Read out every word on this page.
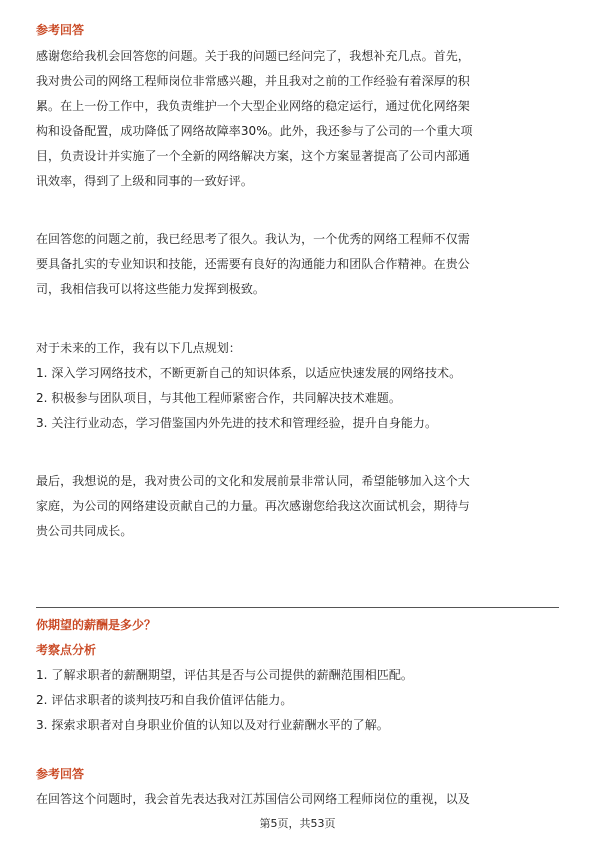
参考回答
感谢您给我机会回答您的问题。关于我的问题已经问完了，我想补充几点。首先，
我对贵公司的网络工程师岗位非常感兴趣，并且我对之前的工作经验有着深厚的积
累。在上一份工作中，我负责维护一个大型企业网络的稳定运行，通过优化网络架
构和设备配置，成功降低了网络故障率30%。此外，我还参与了公司的一个重大项
目，负责设计并实施了一个全新的网络解决方案，这个方案显著提高了公司内部通
讯效率，得到了上级和同事的一致好评。
在回答您的问题之前，我已经思考了很久。我认为，一个优秀的网络工程师不仅需
要具备扎实的专业知识和技能，还需要有良好的沟通能力和团队合作精神。在贵公
司，我相信我可以将这些能力发挥到极致。
对于未来的工作，我有以下几点规划：
1. 深入学习网络技术，不断更新自己的知识体系，以适应快速发展的网络技术。
2. 积极参与团队项目，与其他工程师紧密合作，共同解决技术难题。
3. 关注行业动态，学习借鉴国内外先进的技术和管理经验，提升自身能力。
最后，我想说的是，我对贵公司的文化和发展前景非常认同，希望能够加入这个大
家庭，为公司的网络建设贡献自己的力量。再次感谢您给我这次面试机会，期待与
贵公司共同成长。
你期望的薪酬是多少？
考察点分析
1. 了解求职者的薪酬期望，评估其是否与公司提供的薪酬范围相匹配。
2. 评估求职者的谈判技巧和自我价值评估能力。
3. 探索求职者对自身职业价值的认知以及对行业薪酬水平的了解。
参考回答
在回答这个问题时，我会首先表达我对江苏国信公司网络工程师岗位的重视，以及
第5页，共53页
